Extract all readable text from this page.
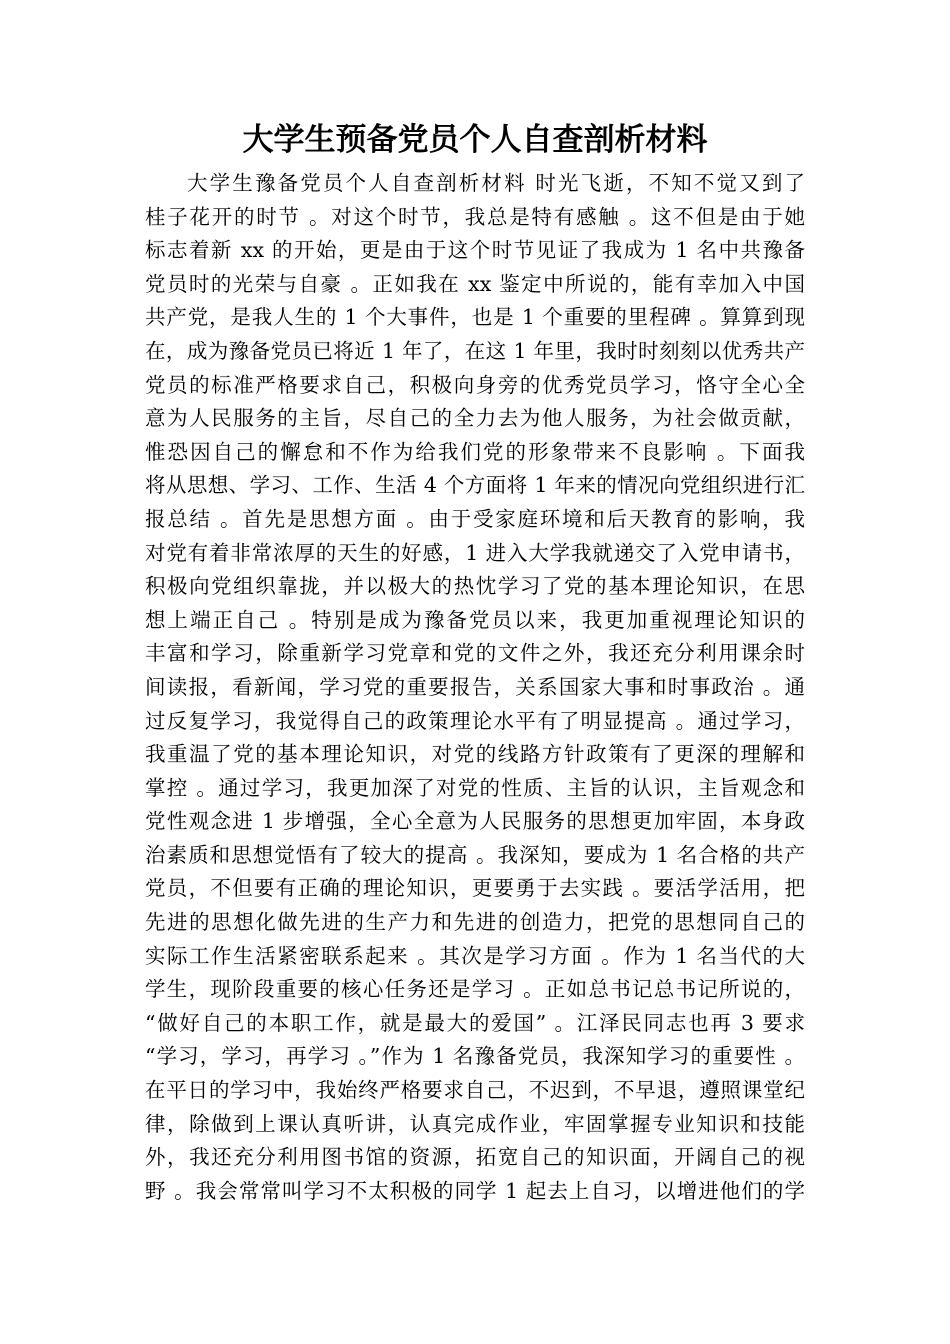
大学生预备党员个人自查剖析材料
大学生豫备党员个人自查剖析材料 时光飞逝，不知不觉又到了
桂子花开的时节 。对这个时节，我总是特有感触 。这不但是由于她
标志着新 xx 的开始，更是由于这个时节见证了我成为 1 名中共豫备
党员时的光荣与自豪 。正如我在 xx 鉴定中所说的，能有幸加入中国
共产党，是我人生的 1 个大事件，也是 1 个重要的里程碑 。算算到现
在，成为豫备党员已将近 1 年了，在这 1 年里，我时时刻刻以优秀共产
党员的标准严格要求自己，积极向身旁的优秀党员学习，恪守全心全
意为人民服务的主旨，尽自己的全力去为他人服务，为社会做贡献，
惟恐因自己的懈怠和不作为给我们党的形象带来不良影响 。下面我
将从思想、学习、工作、生活 4 个方面将 1 年来的情况向党组织进行汇
报总结 。首先是思想方面 。由于受家庭环境和后天教育的影响，我
对党有着非常浓厚的天生的好感，1 进入大学我就递交了入党申请书，
积极向党组织靠拢，并以极大的热忱学习了党的基本理论知识，在思
想上端正自己 。特别是成为豫备党员以来，我更加重视理论知识的
丰富和学习，除重新学习党章和党的文件之外，我还充分利用课余时
间读报，看新闻，学习党的重要报告，关系国家大事和时事政治 。通
过反复学习，我觉得自己的政策理论水平有了明显提高 。通过学习，
我重温了党的基本理论知识，对党的线路方针政策有了更深的理解和
掌控 。通过学习，我更加深了对党的性质、主旨的认识，主旨观念和
党性观念进 1 步增强，全心全意为人民服务的思想更加牢固，本身政
治素质和思想觉悟有了较大的提高 。我深知，要成为 1 名合格的共产
党员，不但要有正确的理论知识，更要勇于去实践 。要活学活用，把
先进的思想化做先进的生产力和先进的创造力，把党的思想同自己的
实际工作生活紧密联系起来 。其次是学习方面 。作为 1 名当代的大
学生，现阶段重要的核心任务还是学习 。正如总书记总书记所说的，
“做好自己的本职工作，就是最大的爱国” 。江泽民同志也再 3 要求
“学习，学习，再学习 。”作为 1 名豫备党员，我深知学习的重要性 。
在平日的学习中，我始终严格要求自己，不迟到，不早退，遵照课堂纪
律，除做到上课认真听讲，认真完成作业，牢固掌握专业知识和技能
外，我还充分利用图书馆的资源，拓宽自己的知识面，开阔自己的视
野 。我会常常叫学习不太积极的同学 1 起去上自习，以增进他们的学
